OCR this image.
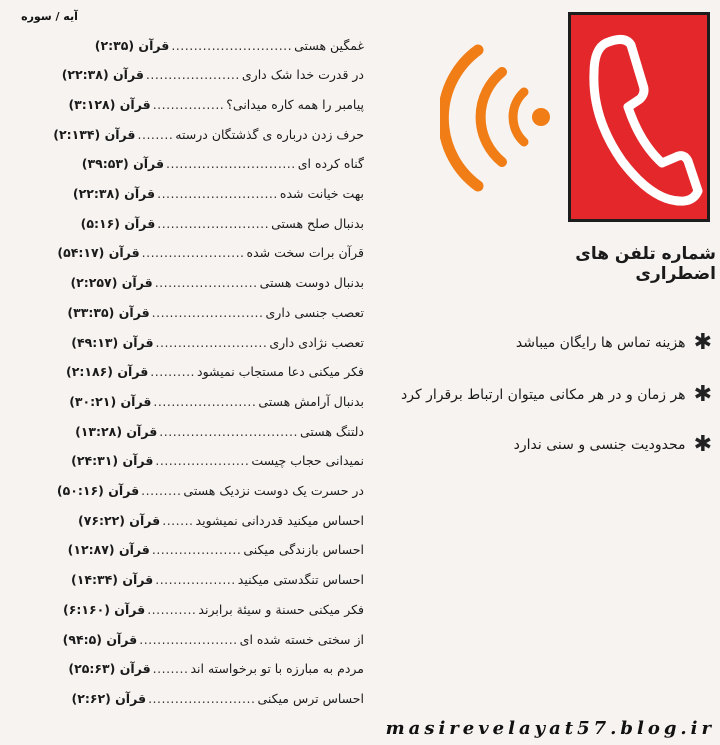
آیه / سوره
غمگین هستی
...........................
قرآن (۲:۳۵)
در قدرت خدا شک داری
.....................
قرآن (۲۲:۳۸)
پیامبر را همه کاره میدانی؟
................
قرآن (۳:۱۲۸)
حرف زدن درباره ی گذشتگان درسته
........
قرآن (۲:۱۳۴)
گناه کرده ای
.............................
قرآن (۳۹:۵۳)
بهت خیانت شده
...........................
قرآن (۲۲:۳۸)
بدنبال صلح هستی
.........................
قرآن (۵:۱۶)
قرآن برات سخت شده
.......................
قرآن (۵۴:۱۷)
بدنبال دوست هستی
.......................
قرآن (۲:۲۵۷)
تعصب جنسی داری
.........................
قرآن (۳۳:۳۵)
تعصب نژادی داری
.........................
قرآن (۴۹:۱۳)
فکر میکنی دعا مستجاب نمیشود
..........
قرآن (۲:۱۸۶)
بدنبال آرامش هستی
.......................
قرآن (۳۰:۲۱)
دلتنگ هستی
...............................
قرآن (۱۳:۲۸)
نمیدانی حجاب چیست
.....................
قرآن (۲۴:۳۱)
در حسرت یک دوست نزدیک هستی
.........
قرآن (۵۰:۱۶)
احساس میکنید قدردانی نمیشوید
.......
قرآن (۷۶:۲۲)
احساس بازندگی میکنی
....................
قرآن (۱۲:۸۷)
احساس تنگدستی میکنید
..................
قرآن (۱۴:۳۴)
فکر میکنی حسنة و سیئة برابرند
...........
قرآن (۶:۱۶۰)
از سختی خسته شده ای
......................
قرآن (۹۴:۵)
مردم به مبارزه با تو برخواسته اند
........
قرآن (۲۵:۶۳)
احساس ترس میکنی
........................
قرآن (۲:۶۲)
شماره تلفن های اضطراری
✱
هزینه تماس ها رایگان میباشد
✱
هر زمان و در هر مکانی میتوان ارتباط برقرار کرد
✱
محدودیت جنسی و سنی ندارد
masirevelayat57.blog.ir
